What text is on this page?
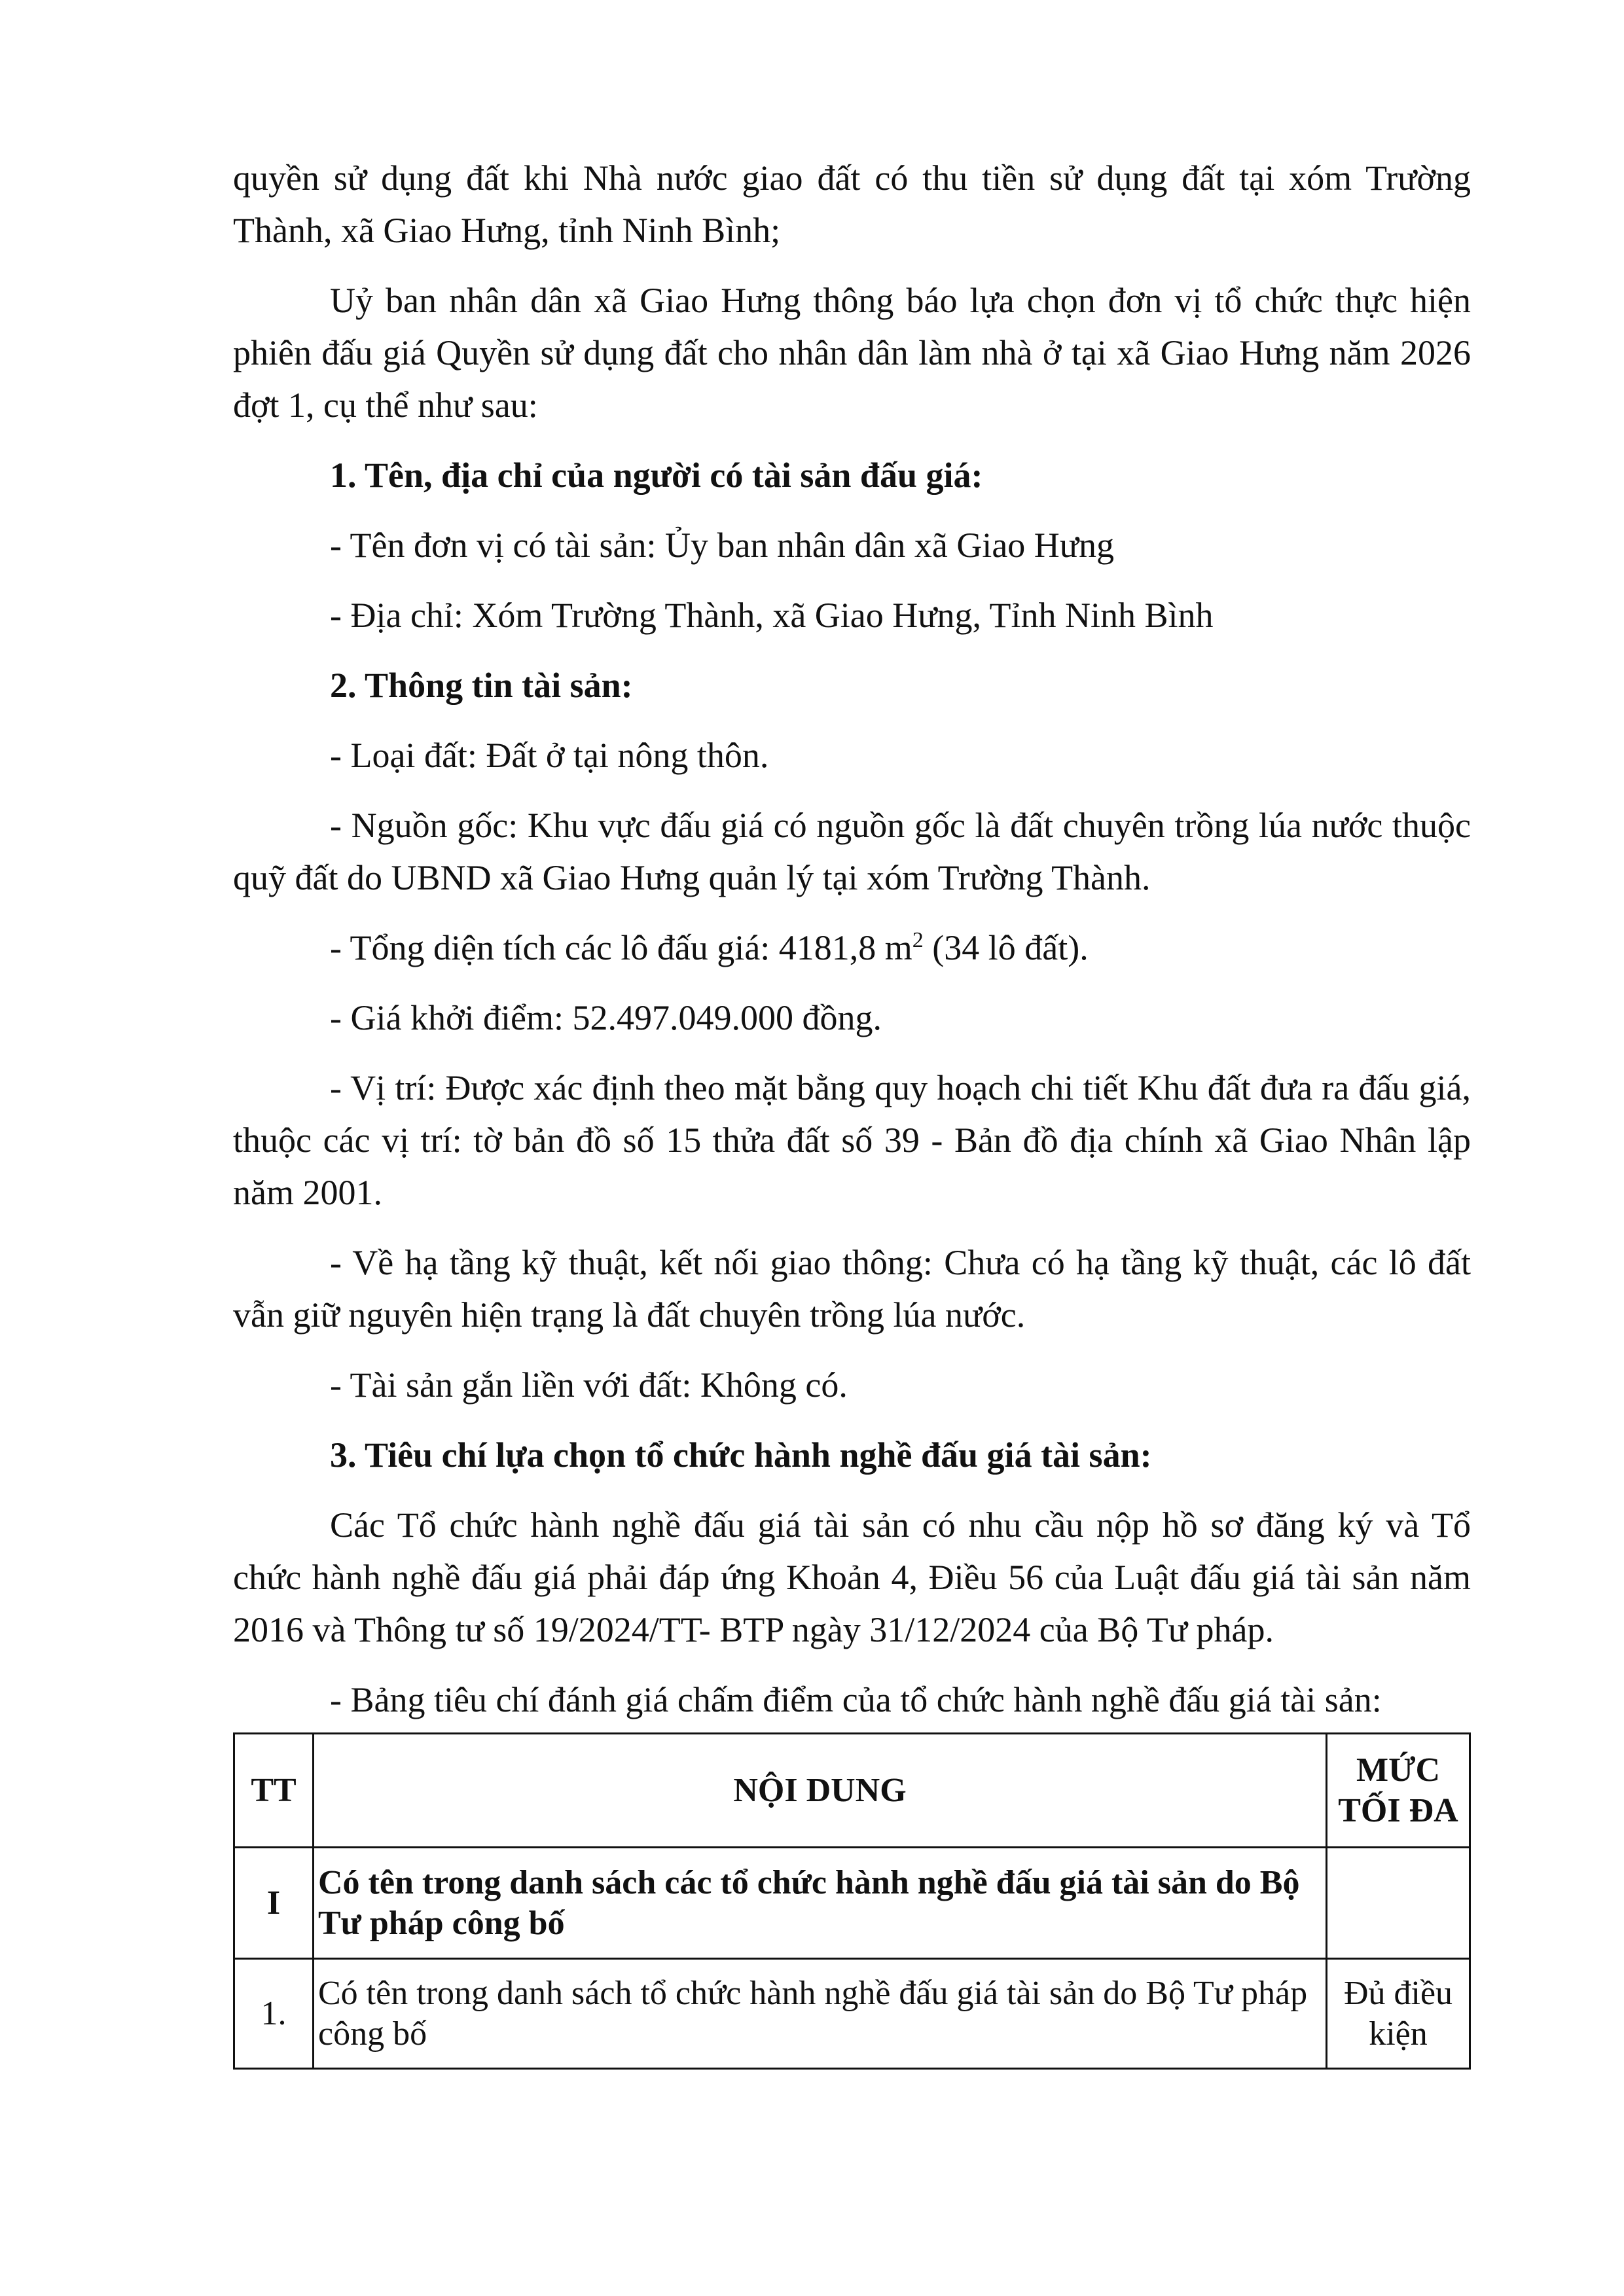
quyền sử dụng đất khi Nhà nước giao đất có thu tiền sử dụng đất tại xóm Trường Thành, xã Giao Hưng, tỉnh Ninh Bình;

Uỷ ban nhân dân xã Giao Hưng thông báo lựa chọn đơn vị tổ chức thực hiện phiên đấu giá Quyền sử dụng đất cho nhân dân làm nhà ở tại xã Giao Hưng năm 2026 đợt 1, cụ thể như sau:

1. Tên, địa chỉ của người có tài sản đấu giá:

- Tên đơn vị có tài sản: Ủy ban nhân dân xã Giao Hưng

- Địa chỉ: Xóm Trường Thành, xã Giao Hưng, Tỉnh Ninh Bình

2. Thông tin tài sản:

- Loại đất: Đất ở tại nông thôn.

- Nguồn gốc: Khu vực đấu giá có nguồn gốc là đất chuyên trồng lúa nước thuộc quỹ đất do UBND xã Giao Hưng quản lý tại xóm Trường Thành.

- Tổng diện tích các lô đấu giá: 4181,8 $m^2$ (34 lô đất).

- Giá khởi điểm: 52.497.049.000 đồng.

- Vị trí: Được xác định theo mặt bằng quy hoạch chi tiết Khu đất đưa ra đấu giá, thuộc các vị trí: tờ bản đồ số 15 thửa đất số 39 - Bản đồ địa chính xã Giao Nhân lập năm 2001.

- Về hạ tầng kỹ thuật, kết nối giao thông: Chưa có hạ tầng kỹ thuật, các lô đất vẫn giữ nguyên hiện trạng là đất chuyên trồng lúa nước.

- Tài sản gắn liền với đất: Không có.

3. Tiêu chí lựa chọn tổ chức hành nghề đấu giá tài sản:

Các Tổ chức hành nghề đấu giá tài sản có nhu cầu nộp hồ sơ đăng ký và Tổ chức hành nghề đấu giá phải đáp ứng Khoản 4, Điều 56 của Luật đấu giá tài sản năm 2016 và Thông tư số 19/2024/TT- BTP ngày 31/12/2024 của Bộ Tư pháp.

- Bảng tiêu chí đánh giá chấm điểm của tổ chức hành nghề đấu giá tài sản:

TT	NỘI DUNG	MỨC TỐI ĐA
I	Có tên trong danh sách các tổ chức hành nghề đấu giá tài sản do Bộ Tư pháp công bố	
1.	Có tên trong danh sách tổ chức hành nghề đấu giá tài sản do Bộ Tư pháp công bố	Đủ điều kiện
